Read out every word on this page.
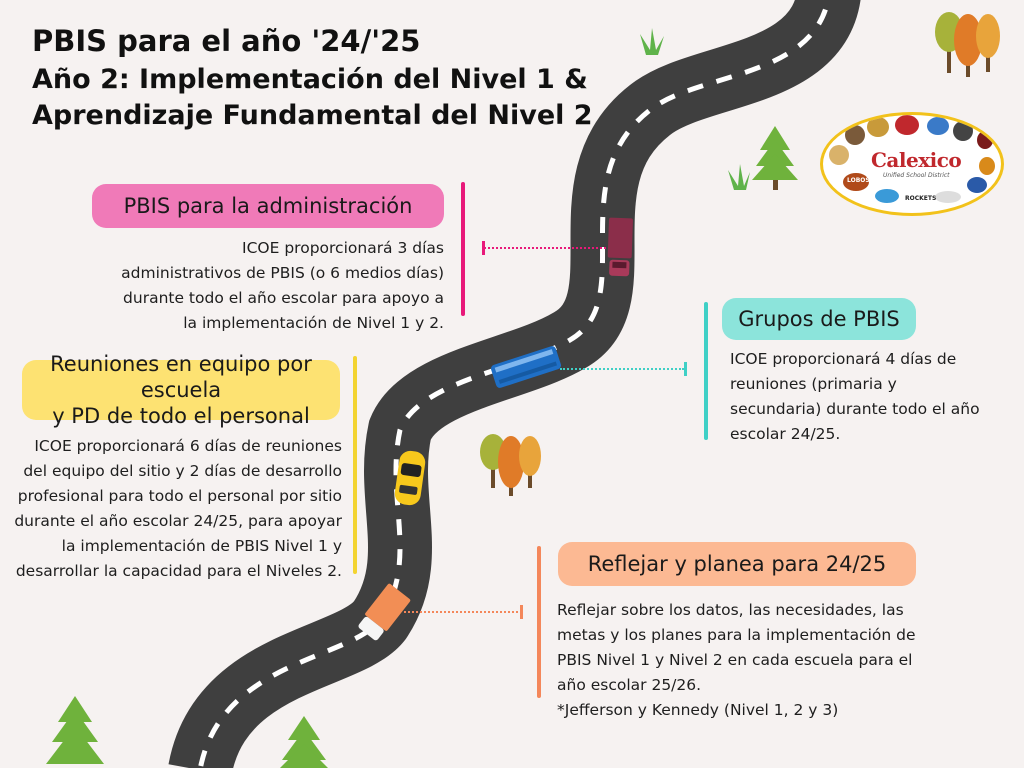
PBIS para el año '24/'25
Año 2: Implementación del Nivel 1 &
Aprendizaje Fundamental del Nivel 2
Calexico
Unified School District
LOBOS
ROCKETS
PBIS para la administración
ICOE proporcionará 3 días
administrativos de PBIS (o 6 medios días)
durante todo el año escolar para apoyo a
la implementación de Nivel 1 y 2.	Grupos de PBIS
ICOE proporcionará 4 días de
reuniones (primaria y
secundaria) durante todo el año
escolar 24/25.
Reuniones en equipo por escuela
y PD de todo el personal
ICOE proporcionará 6 días de reuniones
del equipo del sitio y 2 días de desarrollo
profesional para todo el personal por sitio
durante el año escolar 24/25, para apoyar
la implementación de PBIS Nivel 1 y
desarrollar la capacidad para el Niveles 2.	Reflejar y planea para 24/25
Reflejar sobre los datos, las necesidades, las
metas y los planes para la implementación de
PBIS Nivel 1 y Nivel 2 en cada escuela para el
año escolar 25/26.
*Jefferson y Kennedy (Nivel 1, 2 y 3)
